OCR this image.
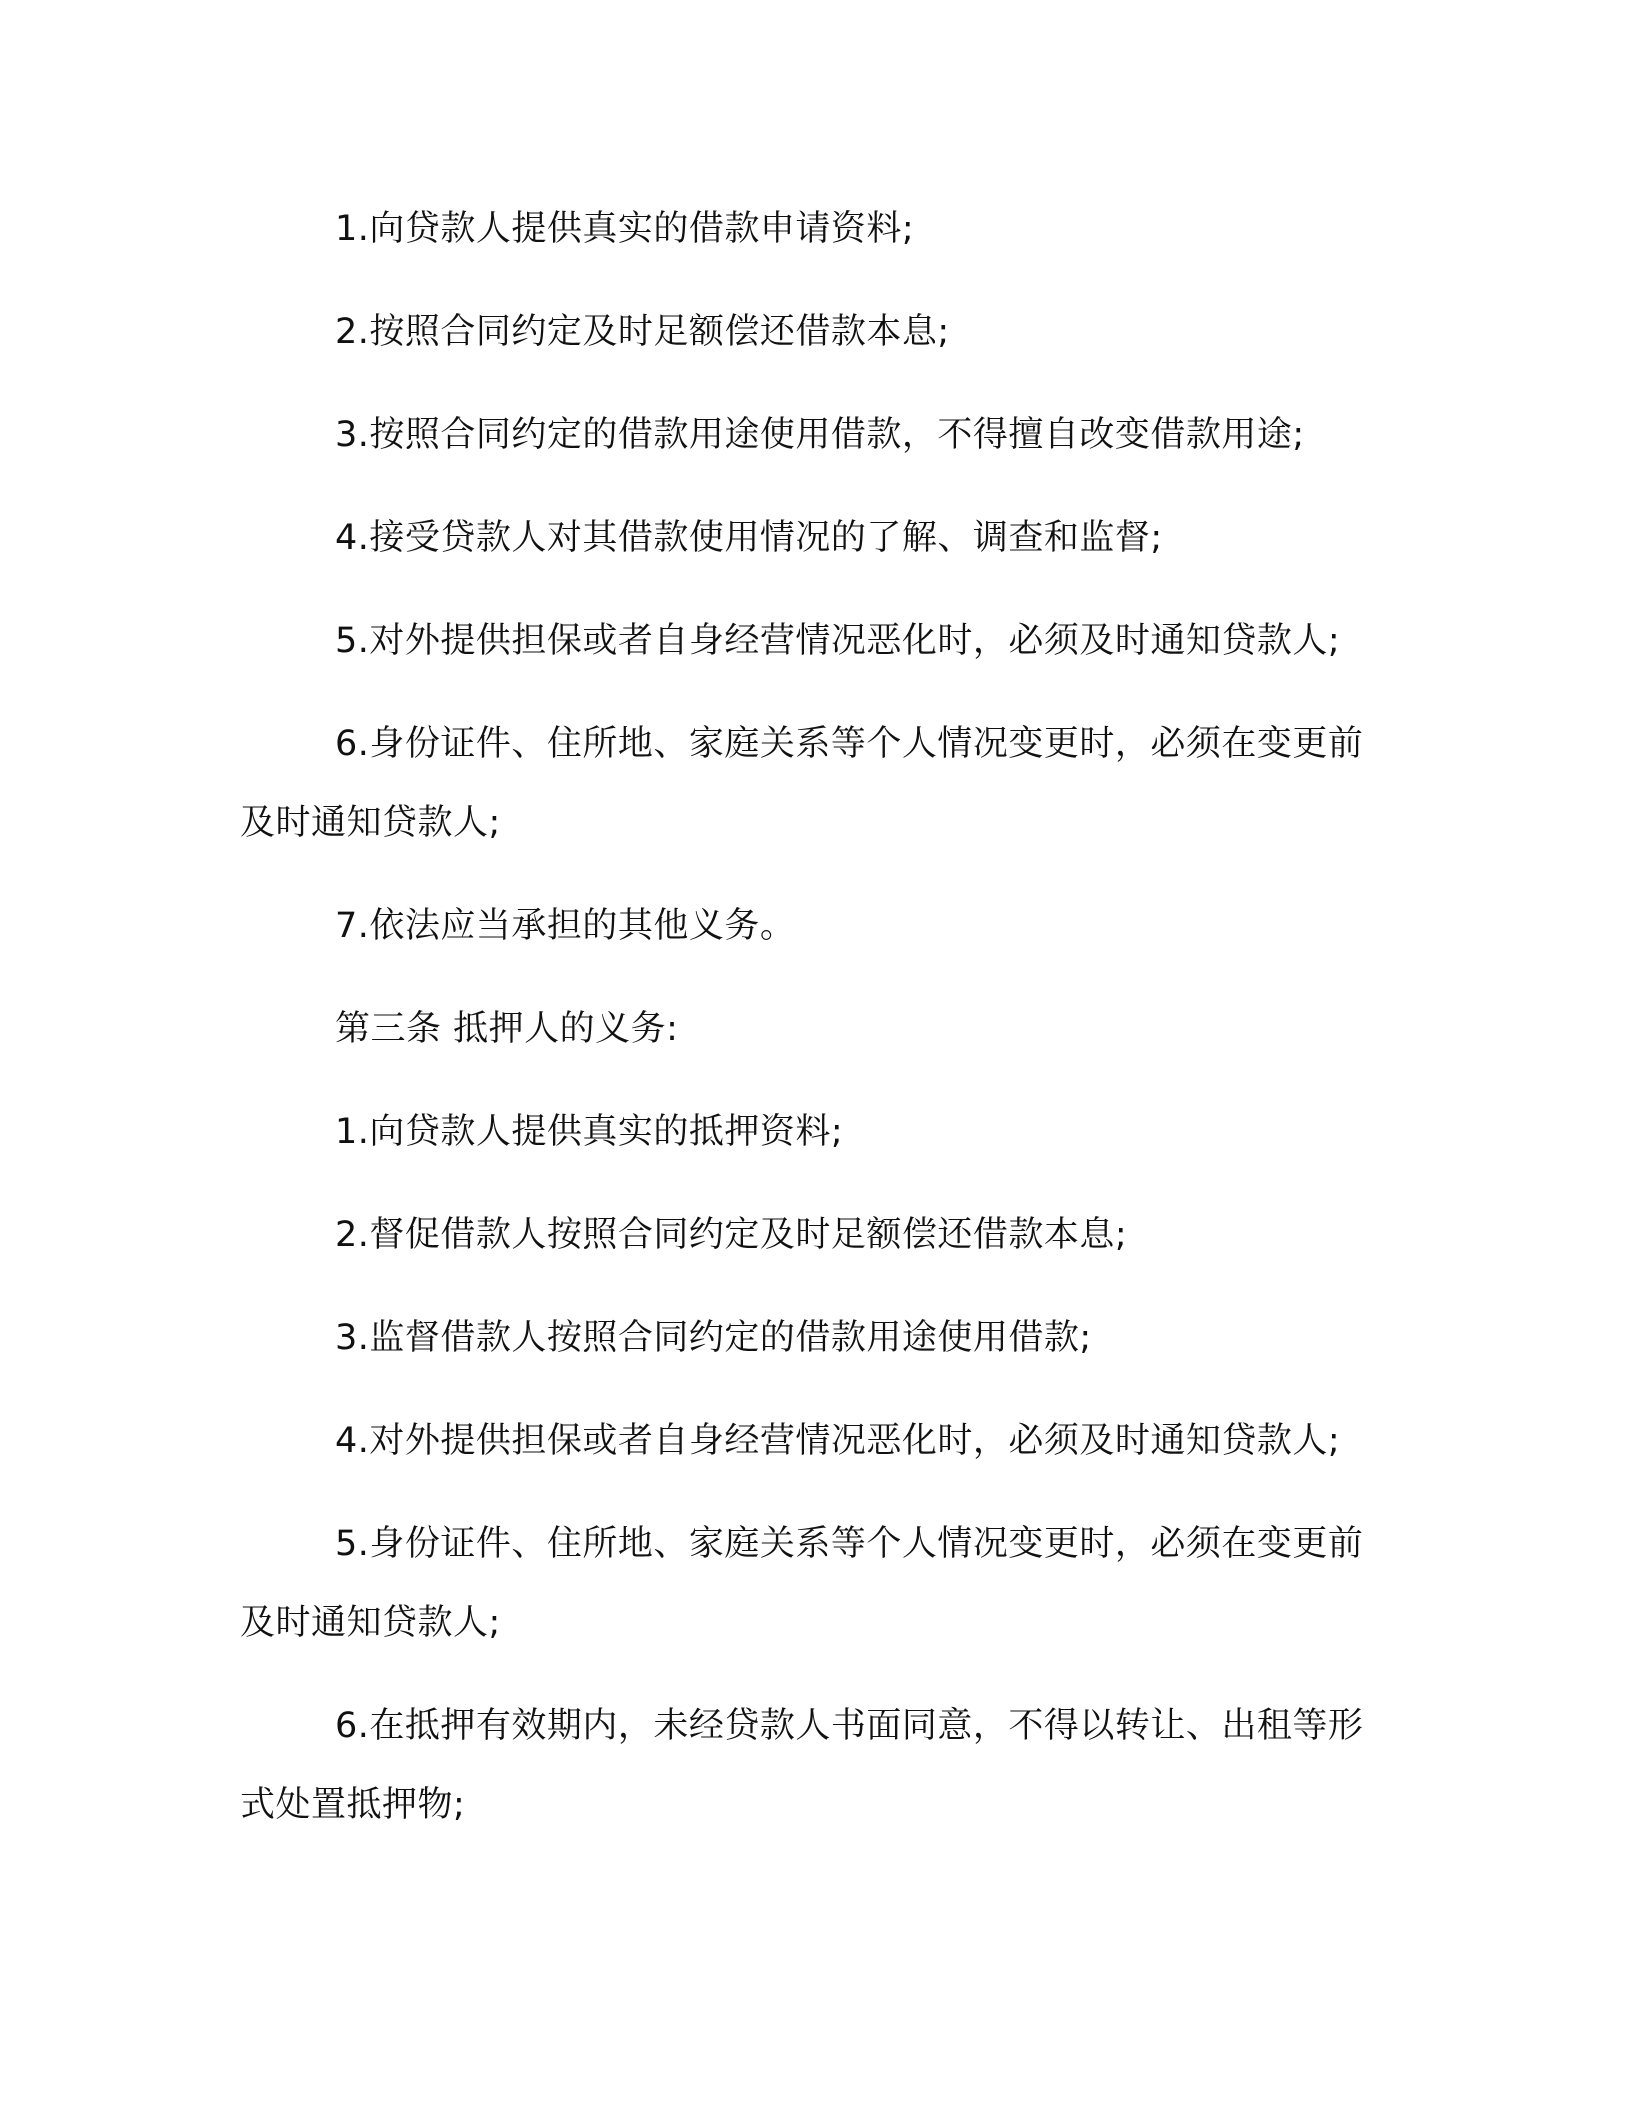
1.向贷款人提供真实的借款申请资料;

2.按照合同约定及时足额偿还借款本息;

3.按照合同约定的借款用途使用借款，不得擅自改变借款用途;

4.接受贷款人对其借款使用情况的了解、调查和监督;

5.对外提供担保或者自身经营情况恶化时，必须及时通知贷款人;

6.身份证件、住所地、家庭关系等个人情况变更时，必须在变更前及时通知贷款人;

7.依法应当承担的其他义务。

第三条 抵押人的义务:

1.向贷款人提供真实的抵押资料;

2.督促借款人按照合同约定及时足额偿还借款本息;

3.监督借款人按照合同约定的借款用途使用借款;

4.对外提供担保或者自身经营情况恶化时，必须及时通知贷款人;

5.身份证件、住所地、家庭关系等个人情况变更时，必须在变更前及时通知贷款人;

6.在抵押有效期内，未经贷款人书面同意，不得以转让、出租等形式处置抵押物;
